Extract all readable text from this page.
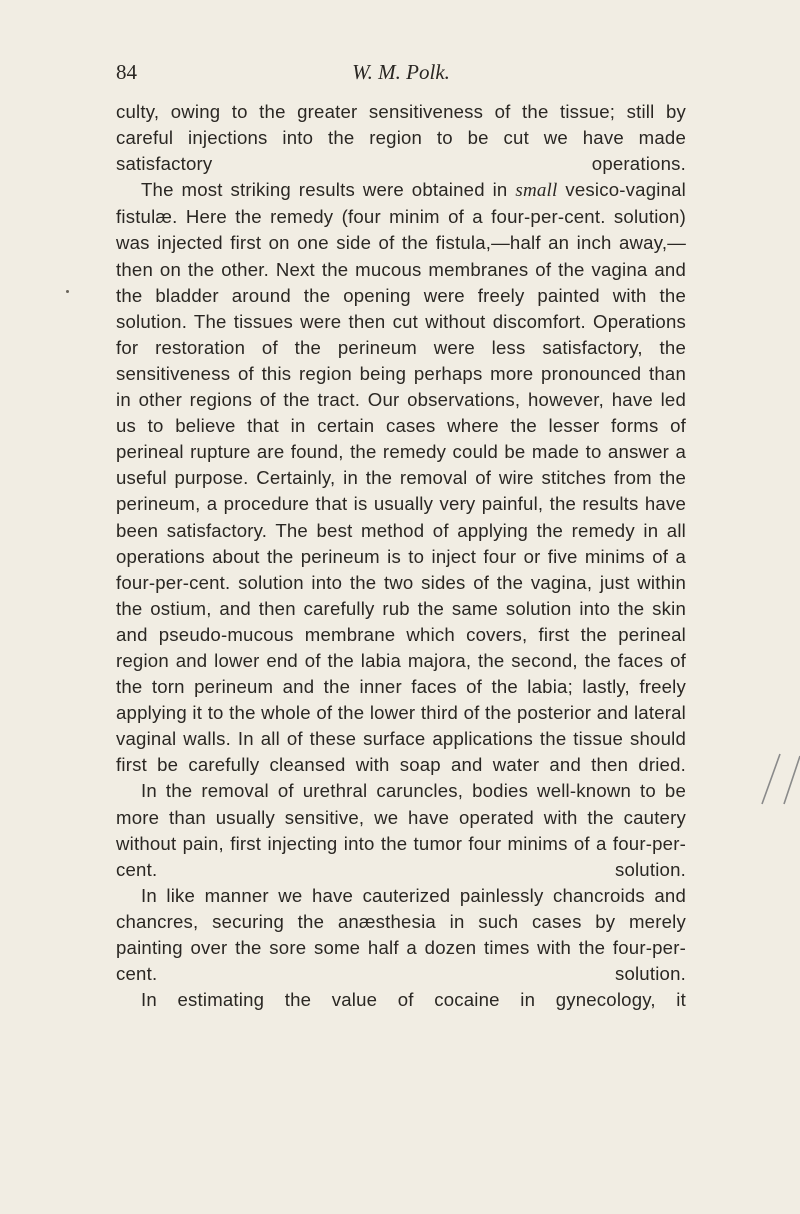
84	W. M. Polk.

culty, owing to the greater sensitiveness of the tissue; still by careful injections into the region to be cut we have made satisfactory operations.

The most striking results were obtained in small vesico-vaginal fistulæ. Here the remedy (four minim of a four-per-cent. solution) was injected first on one side of the fistula,—half an inch away,—then on the other. Next the mucous membranes of the vagina and the bladder around the opening were freely painted with the solution. The tissues were then cut without discomfort. Operations for restoration of the perineum were less satisfactory, the sensitiveness of this region being perhaps more pronounced than in other regions of the tract. Our observations, however, have led us to believe that in certain cases where the lesser forms of perineal rupture are found, the remedy could be made to answer a useful purpose. Certainly, in the removal of wire stitches from the perineum, a procedure that is usually very painful, the results have been satisfactory. The best method of applying the remedy in all operations about the perineum is to inject four or five minims of a four-per-cent. solution into the two sides of the vagina, just within the ostium, and then carefully rub the same solution into the skin and pseudo-mucous membrane which covers, first the perineal region and lower end of the labia majora, the second, the faces of the torn perineum and the inner faces of the labia; lastly, freely applying it to the whole of the lower third of the posterior and lateral vaginal walls. In all of these surface applications the tissue should first be carefully cleansed with soap and water and then dried.

In the removal of urethral caruncles, bodies well-known to be more than usually sensitive, we have operated with the cautery without pain, first injecting into the tumor four minims of a four-per-cent. solution.

In like manner we have cauterized painlessly chancroids and chancres, securing the anæsthesia in such cases by merely painting over the sore some half a dozen times with the four-per-cent. solution.

In estimating the value of cocaine in gynecology, it
